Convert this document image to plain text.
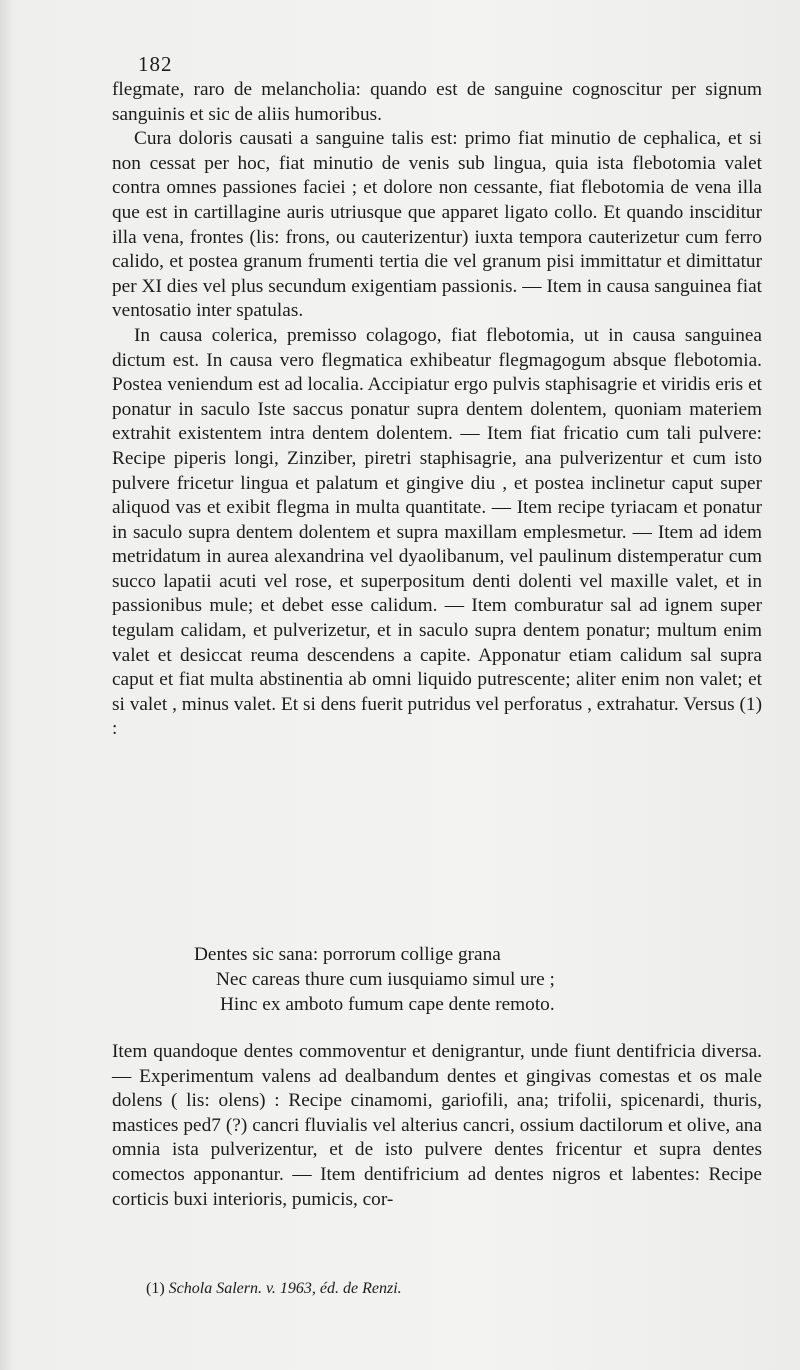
182

flegmate, raro de melancholia: quando est de sanguine cognoscitur per signum sanguinis et sic de aliis humoribus.

Cura doloris causati a sanguine talis est: primo fiat minutio de cephalica, et si non cessat per hoc, fiat minutio de venis sub lingua, quia ista flebotomia valet contra omnes passiones faciei ; et dolore non cessante, fiat flebotomia de vena illa que est in cartillagine auris utriusque que apparet ligato collo. Et quando insciditur illa vena, frontes (lis: frons, ou cauterizentur) iuxta tempora cauterizetur cum ferro calido, et postea granum frumenti tertia die vel granum pisi immittatur et dimittatur per XI dies vel plus secundum exigentiam passionis. — Item in causa sanguinea fiat ventosatio inter spatulas.

In causa colerica, premisso colagogo, fiat flebotomia, ut in causa sanguinea dictum est. In causa vero flegmatica exhibeatur flegmagogum absque flebotomia. Postea veniendum est ad localia. Accipiatur ergo pulvis staphisagrie et viridis eris et ponatur in saculo Iste saccus ponatur supra dentem dolentem, quoniam materiem extrahit existentem intra dentem dolentem. — Item fiat fricatio cum tali pulvere: Recipe piperis longi, Zinziber, piretri staphisagrie, ana pulverizentur et cum isto pulvere fricetur lingua et palatum et gingive diu , et postea inclinetur caput super aliquod vas et exibit flegma in multa quantitate. — Item recipe tyriacam et ponatur in saculo supra dentem dolentem et supra maxillam emplesmetur. — Item ad idem metridatum in aurea alexandrina vel dyaolibanum, vel paulinum distemperatur cum succo lapatii acuti vel rose, et superpositum denti dolenti vel maxille valet, et in passionibus mule; et debet esse calidum. — Item comburatur sal ad ignem super tegulam calidam, et pulverizetur, et in saculo supra dentem ponatur; multum enim valet et desiccat reuma descendens a capite. Apponatur etiam calidum sal supra caput et fiat multa abstinentia ab omni liquido putrescente; aliter enim non valet; et si valet , minus valet. Et si dens fuerit putridus vel perforatus , extrahatur. Versus (1) :

Dentes sic sana: porrorum collige grana
Nec careas thure cum iusquiamo simul ure ;
Hinc ex amboto fumum cape dente remoto.
Item quandoque dentes commoventur et denigrantur, unde fiunt dentifricia diversa. — Experimentum valens ad dealbandum dentes et gingivas comestas et os male dolens ( lis: olens) : Recipe cinamomi, gariofili, ana; trifolii, spicenardi, thuris, mastices ped7 (?) cancri fluvialis vel alterius cancri, ossium dactilorum et olive, ana omnia ista pulverizentur, et de isto pulvere dentes fricentur et supra dentes comectos apponantur. — Item dentifricium ad dentes nigros et labentes: Recipe corticis buxi interioris, pumicis, cor-
(1) Schola Salern. v. 1963, éd. de Renzi.
